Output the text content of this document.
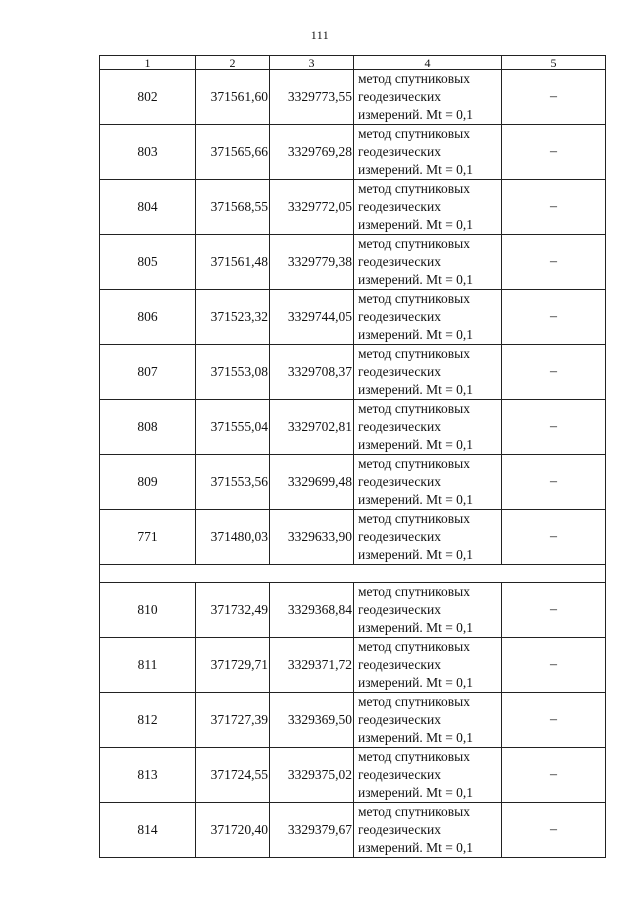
111
1	2	3	4	5
802	371561,60	3329773,55	метод спутниковых
геодезических
измерений. Mt = 0,1	–
803	371565,66	3329769,28	метод спутниковых
геодезических
измерений. Mt = 0,1	–
804	371568,55	3329772,05	метод спутниковых
геодезических
измерений. Mt = 0,1	–
805	371561,48	3329779,38	метод спутниковых
геодезических
измерений. Mt = 0,1	–
806	371523,32	3329744,05	метод спутниковых
геодезических
измерений. Mt = 0,1	–
807	371553,08	3329708,37	метод спутниковых
геодезических
измерений. Mt = 0,1	–
808	371555,04	3329702,81	метод спутниковых
геодезических
измерений. Mt = 0,1	–
809	371553,56	3329699,48	метод спутниковых
геодезических
измерений. Mt = 0,1	–
771	371480,03	3329633,90	метод спутниковых
геодезических
измерений. Mt = 0,1	–

810	371732,49	3329368,84	метод спутниковых
геодезических
измерений. Mt = 0,1	–
811	371729,71	3329371,72	метод спутниковых
геодезических
измерений. Mt = 0,1	–
812	371727,39	3329369,50	метод спутниковых
геодезических
измерений. Mt = 0,1	–
813	371724,55	3329375,02	метод спутниковых
геодезических
измерений. Mt = 0,1	–
814	371720,40	3329379,67	метод спутниковых
геодезических
измерений. Mt = 0,1	–
